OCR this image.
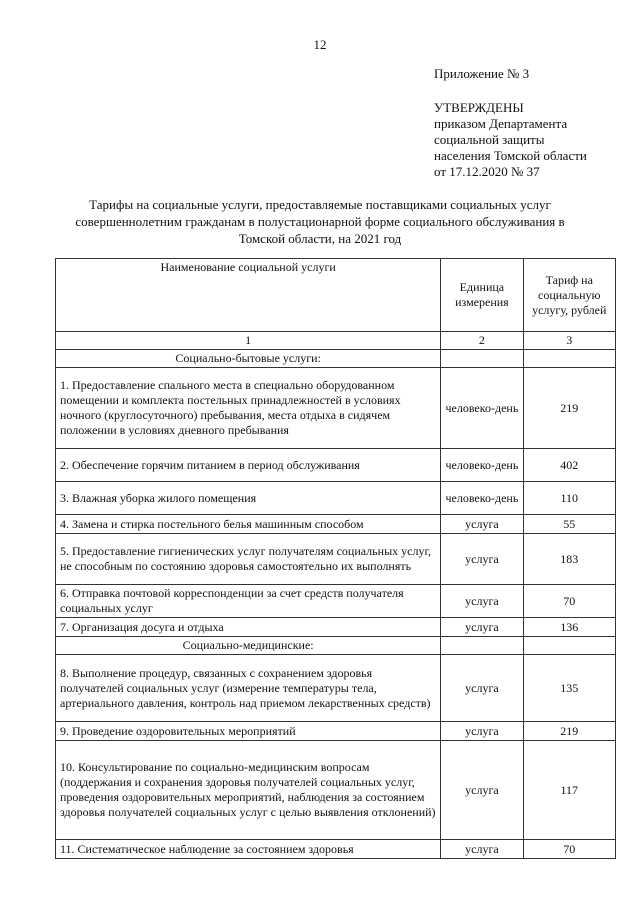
12
Приложение № 3
УТВЕРЖДЕНЫ
приказом Департамента
социальной защиты
населения Томской области
от 17.12.2020 № 37
Тарифы на социальные услуги, предоставляемые поставщиками социальных услуг совершеннолетним гражданам в полустационарной форме социального обслуживания в Томской области, на 2021 год
Наименование социальной услуги	Единица измерения	Тариф на социальную услугу, рублей
1	2	3
Социально-бытовые услуги:		
1. Предоставление спального места в специально оборудованном помещении и комплекта постельных принадлежностей в условиях ночного (круглосуточного) пребывания, места отдыха в сидячем положении в условиях дневного пребывания	человеко-день	219
2. Обеспечение горячим питанием в период обслуживания	человеко-день	402
3. Влажная уборка жилого помещения	человеко-день	110
4. Замена и стирка постельного белья машинным способом	услуга	55
5. Предоставление гигиенических услуг получателям социальных услуг, не способным по состоянию здоровья самостоятельно их выполнять	услуга	183
6. Отправка почтовой корреспонденции за счет средств получателя социальных услуг	услуга	70
7. Организация досуга и отдыха	услуга	136
Социально-медицинские:		
8. Выполнение процедур, связанных с сохранением здоровья получателей социальных услуг (измерение температуры тела, артериального давления, контроль над приемом лекарственных средств)	услуга	135
9. Проведение оздоровительных мероприятий	услуга	219
10. Консультирование по социально-медицинским вопросам (поддержания и сохранения здоровья получателей социальных услуг, проведения оздоровительных мероприятий, наблюдения за состоянием здоровья получателей социальных услуг с целью выявления отклонений)	услуга	117
11. Систематическое наблюдение за состоянием здоровья	услуга	70
